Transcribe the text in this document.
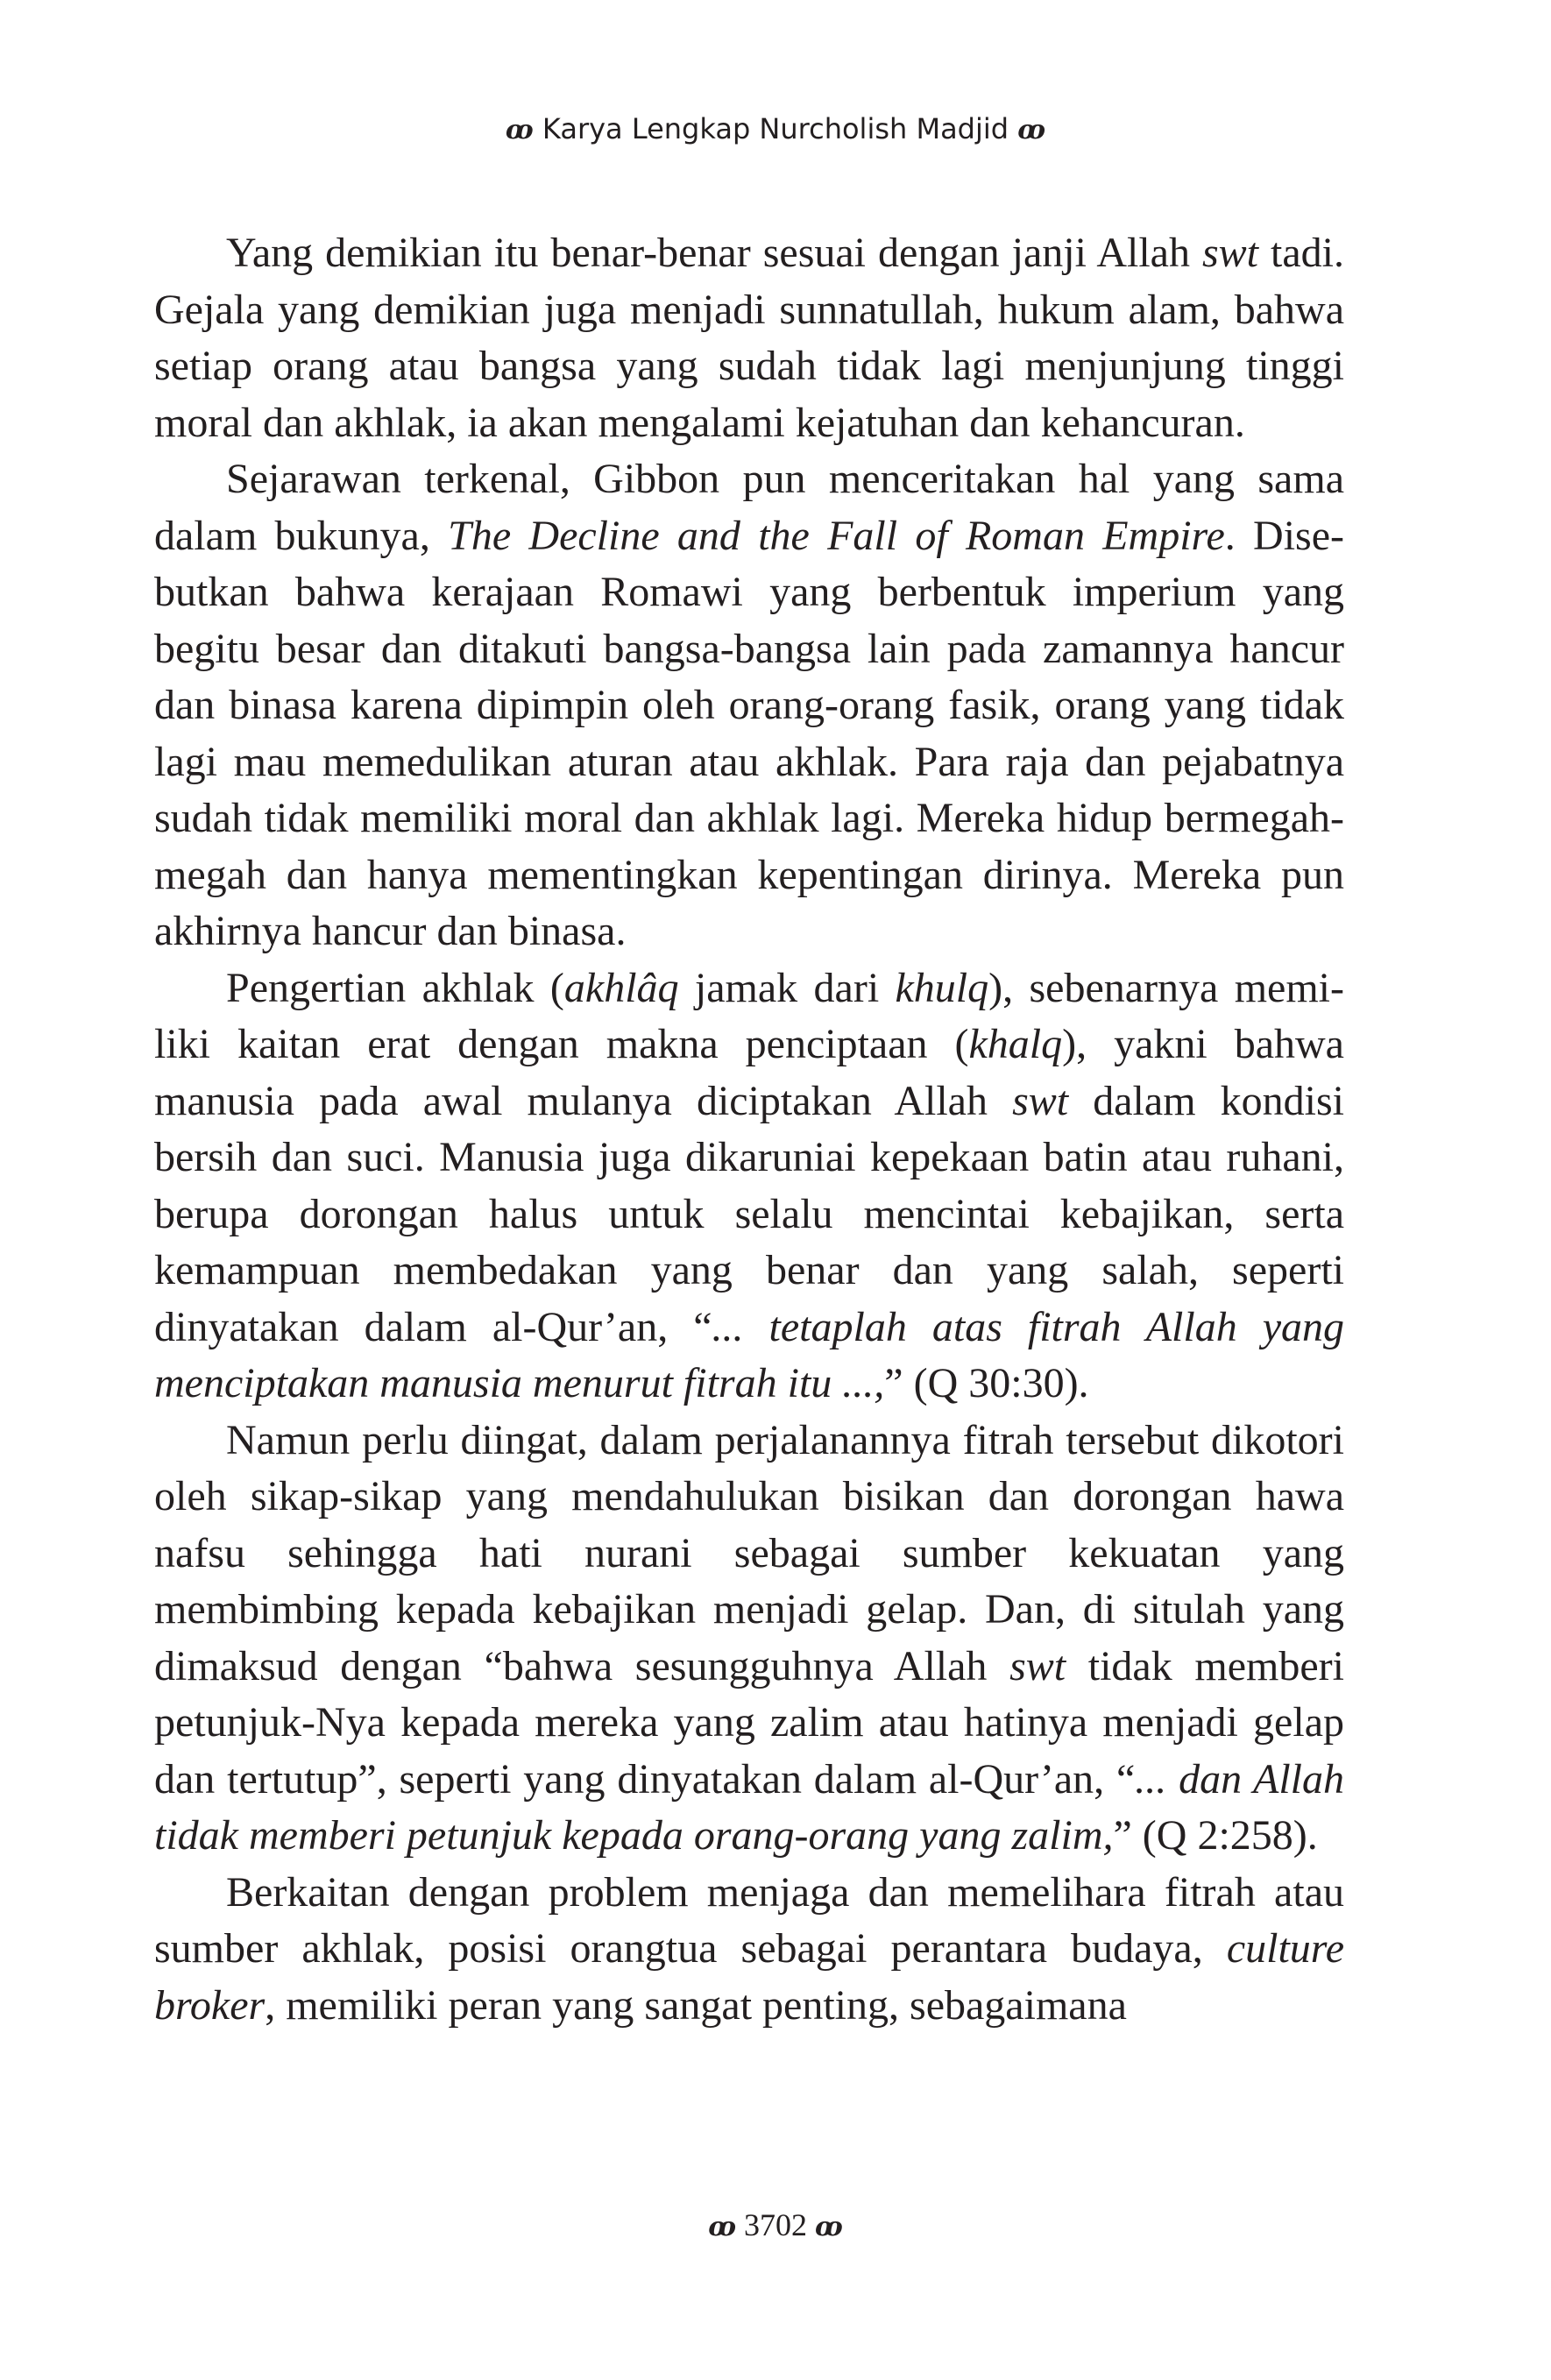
ꝏ Karya Lengkap Nurcholish Madjid ꝏ

Yang demikian itu benar-benar sesuai dengan janji Allah swt tadi. Gejala yang demikian juga menjadi sunnatullah, hukum alam, bahwa setiap orang atau bangsa yang sudah tidak lagi menjunjung tinggi moral dan akhlak, ia akan mengalami kejatuhan dan kehancuran.

Sejarawan terkenal, Gibbon pun menceritakan hal yang sama dalam bukunya, The Decline and the Fall of Roman Empire. Disebutkan bahwa kerajaan Romawi yang berbentuk imperium yang begitu besar dan ditakuti bangsa-bangsa lain pada zamannya hancur dan binasa karena dipimpin oleh orang-orang fasik, orang yang tidak lagi mau memedulikan aturan atau akhlak. Para raja dan pejabatnya sudah tidak memiliki moral dan akhlak lagi. Mereka hidup bermegah-megah dan hanya mementingkan kepentingan dirinya. Mereka pun akhirnya hancur dan binasa.

Pengertian akhlak (akhlâq jamak dari khulq), sebenarnya memiliki kaitan erat dengan makna penciptaan (khalq), yakni bahwa manusia pada awal mulanya diciptakan Allah swt dalam kondisi bersih dan suci. Manusia juga dikaruniai kepekaan batin atau ruhani, berupa dorongan halus untuk selalu mencintai kebajikan, serta kemampuan membedakan yang benar dan yang salah, seperti dinyatakan dalam al-Qur’an, “... tetaplah atas fitrah Allah yang menciptakan manusia menurut fitrah itu ...,” (Q 30:30).

Namun perlu diingat, dalam perjalanannya fitrah tersebut dikotori oleh sikap-sikap yang mendahulukan bisikan dan dorongan hawa nafsu sehingga hati nurani sebagai sumber kekuatan yang membimbing kepada kebajikan menjadi gelap. Dan, di situlah yang dimaksud dengan “bahwa sesungguhnya Allah swt tidak memberi petunjuk-Nya kepada mereka yang zalim atau hatinya menjadi gelap dan tertutup”, seperti yang dinyatakan dalam al-Qur’an, “... dan Allah tidak memberi petunjuk kepada orang-orang yang zalim,” (Q 2:258).

Berkaitan dengan problem menjaga dan memelihara fitrah atau sumber akhlak, posisi orangtua sebagai perantara budaya, culture broker, memiliki peran yang sangat penting, sebagaimana

ꝏ 3702 ꝏ
